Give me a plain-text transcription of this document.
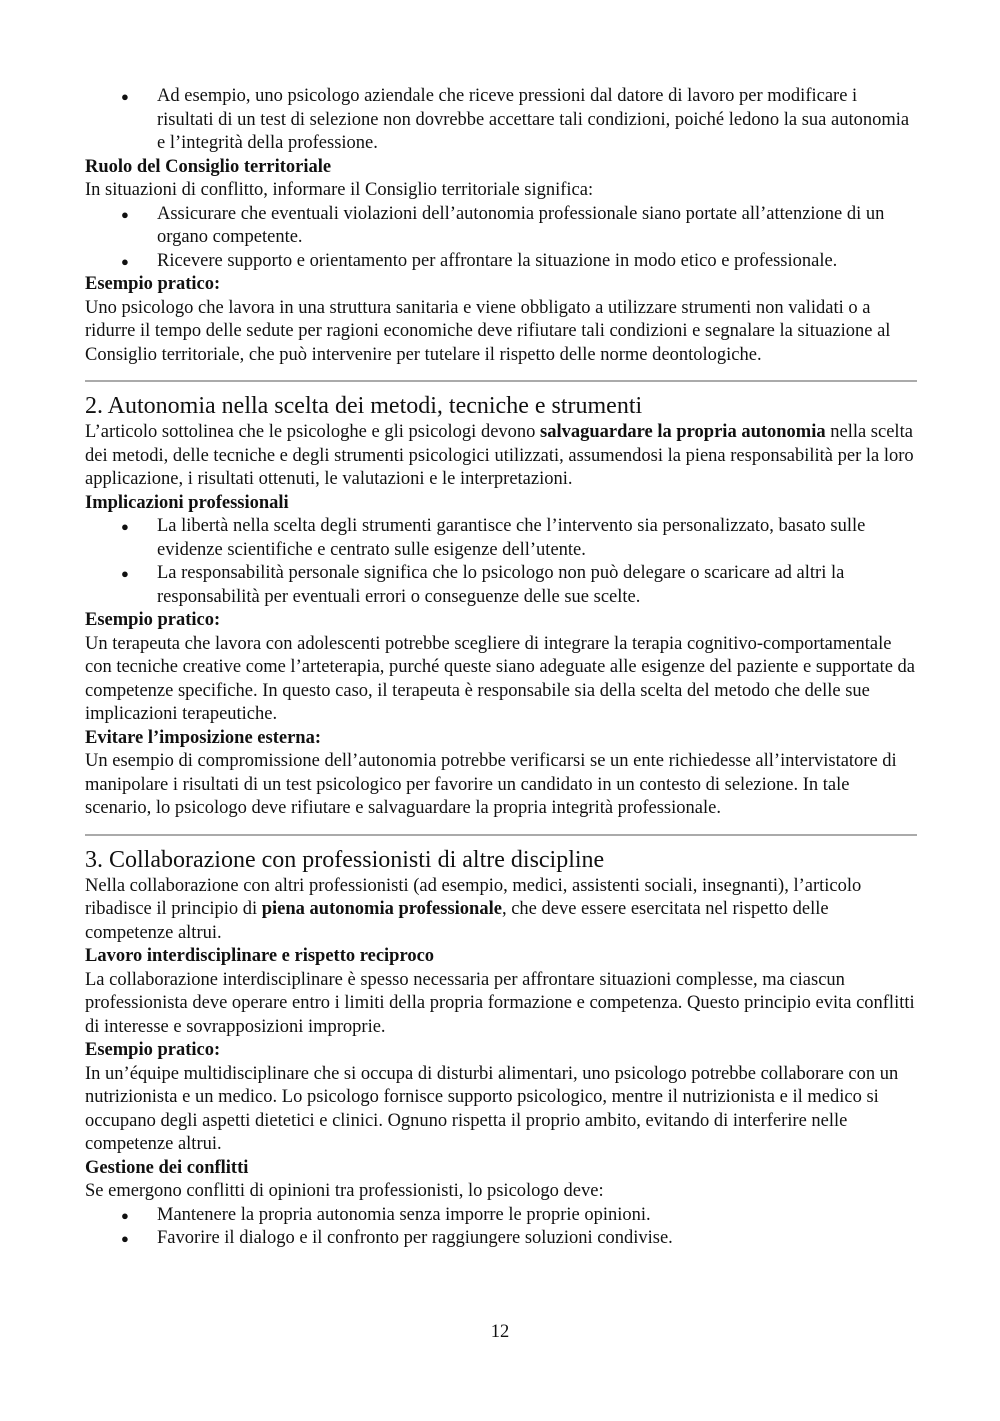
● Ad esempio, uno psicologo aziendale che riceve pressioni dal datore di lavoro per modificare i risultati di un test di selezione non dovrebbe accettare tali condizioni, poiché ledono la sua autonomia e l’integrità della professione.

Ruolo del Consiglio territoriale

In situazioni di conflitto, informare il Consiglio territoriale significa:

● Assicurare che eventuali violazioni dell’autonomia professionale siano portate all’attenzione di un organo competente.
● Ricevere supporto e orientamento per affrontare la situazione in modo etico e professionale.

Esempio pratico:

Uno psicologo che lavora in una struttura sanitaria e viene obbligato a utilizzare strumenti non validati o a ridurre il tempo delle sedute per ragioni economiche deve rifiutare tali condizioni e segnalare la situazione al Consiglio territoriale, che può intervenire per tutelare il rispetto delle norme deontologiche.

2. Autonomia nella scelta dei metodi, tecniche e strumenti

L’articolo sottolinea che le psicologhe e gli psicologi devono salvaguardare la propria autonomia nella scelta dei metodi, delle tecniche e degli strumenti psicologici utilizzati, assumendosi la piena responsabilità per la loro applicazione, i risultati ottenuti, le valutazioni e le interpretazioni.

Implicazioni professionali

● La libertà nella scelta degli strumenti garantisce che l’intervento sia personalizzato, basato sulle evidenze scientifiche e centrato sulle esigenze dell’utente.
● La responsabilità personale significa che lo psicologo non può delegare o scaricare ad altri la responsabilità per eventuali errori o conseguenze delle sue scelte.

Esempio pratico:

Un terapeuta che lavora con adolescenti potrebbe scegliere di integrare la terapia cognitivo-comportamentale con tecniche creative come l’arteterapia, purché queste siano adeguate alle esigenze del paziente e supportate da competenze specifiche. In questo caso, il terapeuta è responsabile sia della scelta del metodo che delle sue implicazioni terapeutiche.

Evitare l’imposizione esterna:

Un esempio di compromissione dell’autonomia potrebbe verificarsi se un ente richiedesse all’intervistatore di manipolare i risultati di un test psicologico per favorire un candidato in un contesto di selezione. In tale scenario, lo psicologo deve rifiutare e salvaguardare la propria integrità professionale.

3. Collaborazione con professionisti di altre discipline

Nella collaborazione con altri professionisti (ad esempio, medici, assistenti sociali, insegnanti), l’articolo ribadisce il principio di piena autonomia professionale, che deve essere esercitata nel rispetto delle competenze altrui.

Lavoro interdisciplinare e rispetto reciproco

La collaborazione interdisciplinare è spesso necessaria per affrontare situazioni complesse, ma ciascun professionista deve operare entro i limiti della propria formazione e competenza. Questo principio evita conflitti di interesse e sovrapposizioni improprie.

Esempio pratico:

In un’équipe multidisciplinare che si occupa di disturbi alimentari, uno psicologo potrebbe collaborare con un nutrizionista e un medico. Lo psicologo fornisce supporto psicologico, mentre il nutrizionista e il medico si occupano degli aspetti dietetici e clinici. Ognuno rispetta il proprio ambito, evitando di interferire nelle competenze altrui.

Gestione dei conflitti

Se emergono conflitti di opinioni tra professionisti, lo psicologo deve:

● Mantenere la propria autonomia senza imporre le proprie opinioni.
● Favorire il dialogo e il confronto per raggiungere soluzioni condivise.
12
